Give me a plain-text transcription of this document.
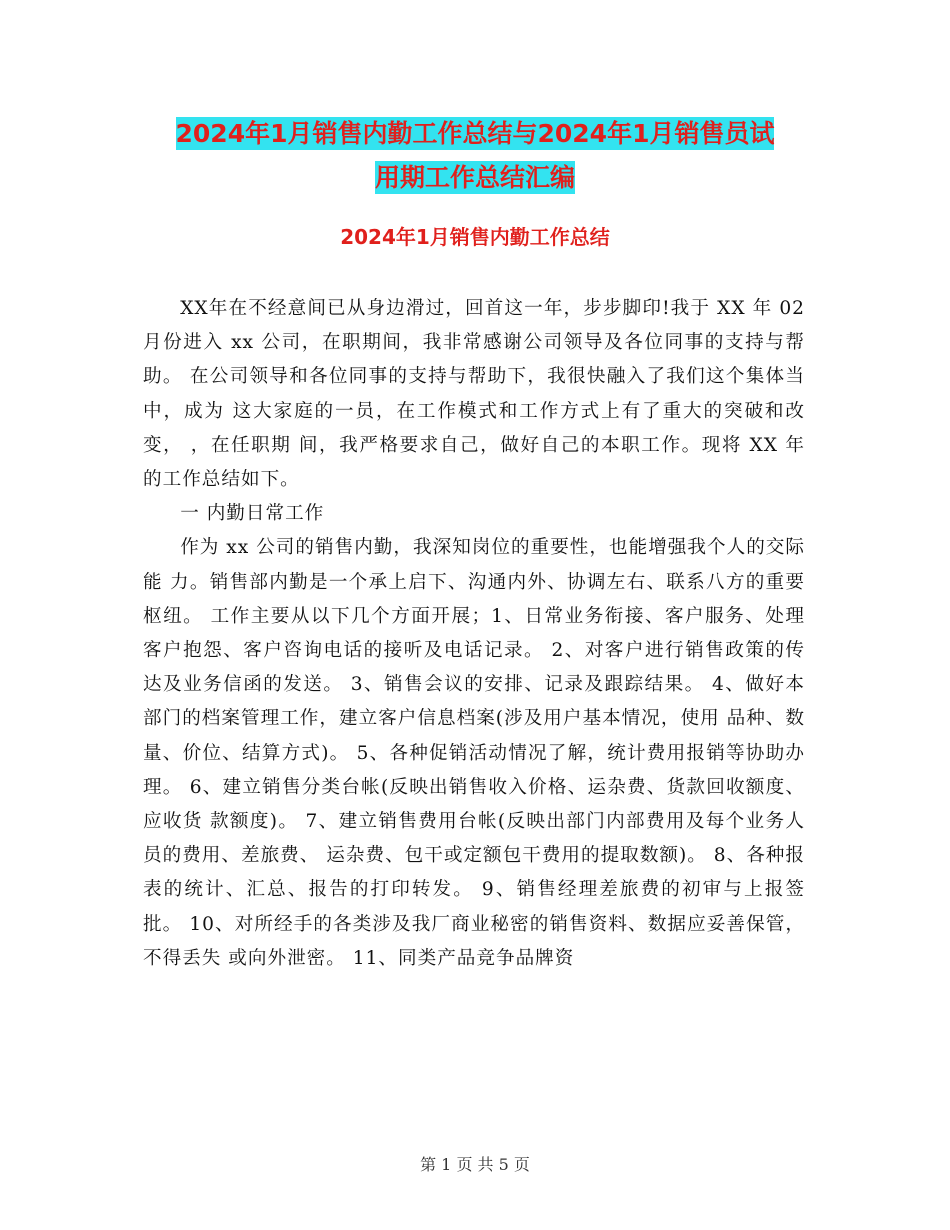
2024年1月销售内勤工作总结与2024年1月销售员试
用期工作总结汇编
2024年1月销售内勤工作总结

XX年在不经意间已从身边滑过，回首这一年，步步脚印!我于 XX 年 02 月份进入 xx 公司，在职期间，我非常感谢公司领导及各位同事的支持与帮助。 在公司领导和各位同事的支持与帮助下，我很快融入了我们这个集体当中，成为 这大家庭的一员，在工作模式和工作方式上有了重大的突破和改变， ，在任职期 间，我严格要求自己，做好自己的本职工作。现将 XX 年的工作总结如下。

一 内勤日常工作

作为 xx 公司的销售内勤，我深知岗位的重要性，也能增强我个人的交际能 力。销售部内勤是一个承上启下、沟通内外、协调左右、联系八方的重要枢纽。 工作主要从以下几个方面开展；1、日常业务衔接、客户服务、处理客户抱怨、客户咨询电话的接听及电话记录。 2、对客户进行销售政策的传达及业务信函的发送。 3、销售会议的安排、记录及跟踪结果。 4、做好本部门的档案管理工作，建立客户信息档案(涉及用户基本情况，使用 品种、数量、价位、结算方式)。 5、各种促销活动情况了解，统计费用报销等协助办理。 6、建立销售分类台帐(反映出销售收入价格、运杂费、货款回收额度、应收货 款额度)。 7、建立销售费用台帐(反映出部门内部费用及每个业务人员的费用、差旅费、 运杂费、包干或定额包干费用的提取数额)。 8、各种报表的统计、汇总、报告的打印转发。 9、销售经理差旅费的初审与上报签批。 10、对所经手的各类涉及我厂商业秘密的销售资料、数据应妥善保管，不得丢失 或向外泄密。 11、同类产品竞争品牌资

第 1 页 共 5 页
